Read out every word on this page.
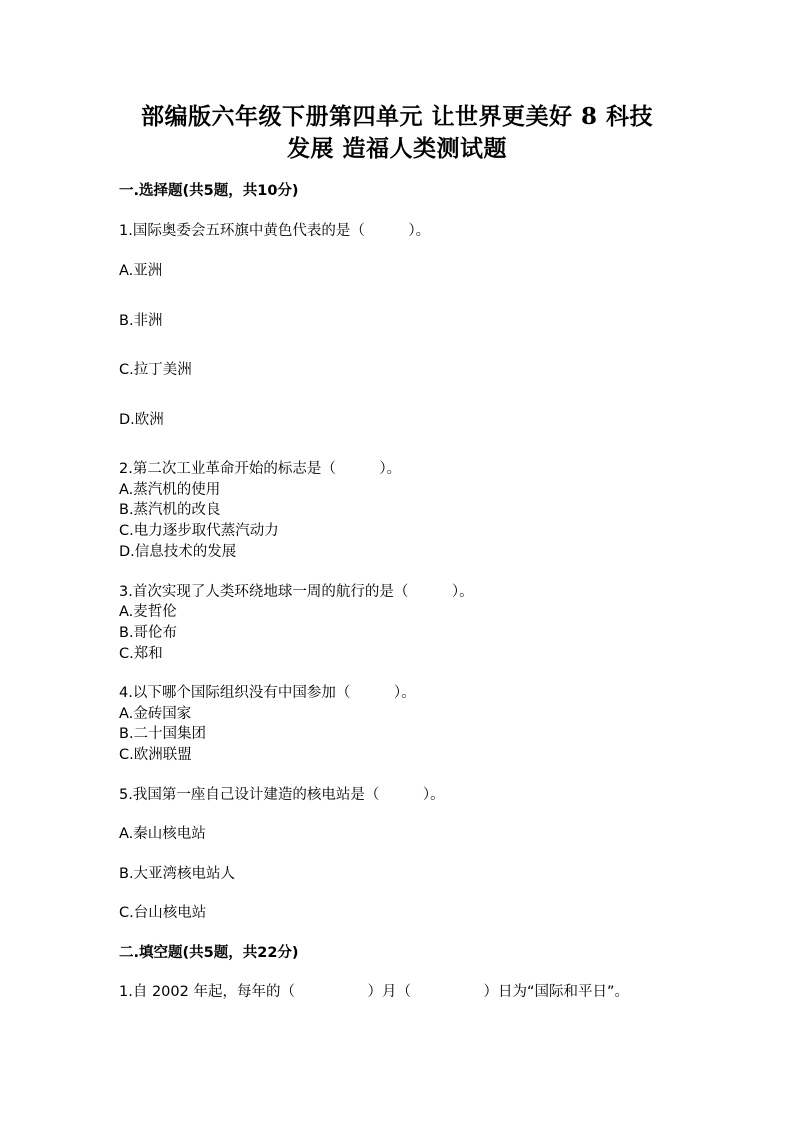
部编版六年级下册第四单元 让世界更美好 8 科技
发展 造福人类测试题
一.选择题(共5题，共10分)
1.国际奥委会五环旗中黄色代表的是（　　　）。
A.亚洲
B.非洲
C.拉丁美洲
D.欧洲
2.第二次工业革命开始的标志是（　　　）。
A.蒸汽机的使用
B.蒸汽机的改良
C.电力逐步取代蒸汽动力
D.信息技术的发展
3.首次实现了人类环绕地球一周的航行的是（　　　）。
A.麦哲伦
B.哥伦布
C.郑和
4.以下哪个国际组织没有中国参加（　　　）。
A.金砖国家
B.二十国集团
C.欧洲联盟
5.我国第一座自己设计建造的核电站是（　　　）。
A.秦山核电站
B.大亚湾核电站人
C.台山核电站
二.填空题(共5题，共22分)
1.自 2002 年起，每年的（　　　　　）月（　　　　　）日为“国际和平日”。
